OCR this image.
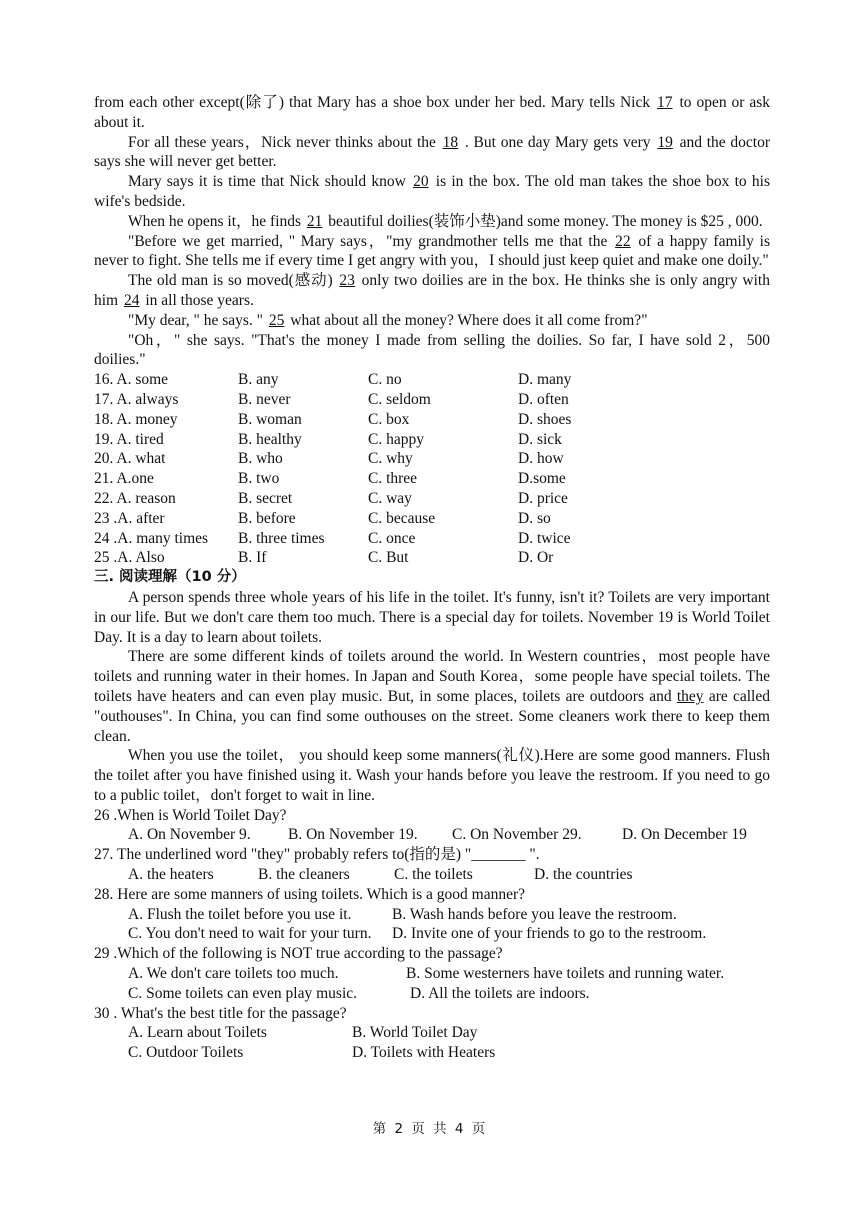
from each other except(除了) that Mary has a shoe box under her bed. Mary tells Nick 17 to open or ask about it.

For all these years，Nick never thinks about the 18 . But one day Mary gets very 19 and the doctor says she will never get better.

Mary says it is time that Nick should know 20 is in the box. The old man takes the shoe box to his wife's bedside.

When he opens it，he finds 21 beautiful doilies(装饰小垫)and some money. The money is $25 , 000.

"Before we get married, " Mary says，"my grandmother tells me that the 22 of a happy family is never to fight. She tells me if every time I get angry with you，I should just keep quiet and make one doily."

The old man is so moved(感动) 23 only two doilies are in the box. He thinks she is only angry with him 24 in all those years.

"My dear, " he says. " 25 what about all the money? Where does it all come from?"

"Oh，" she says. "That's the money I made from selling the doilies. So far, I have sold 2，500 doilies."

16. A. some	B. any	C. no	D. many
17. A. always	B. never	C. seldom	D. often
18. A. money	B. woman	C. box	D. shoes
19. A. tired	B. healthy	C. happy	D. sick
20. A. what	B. who	C. why	D. how
21. A.one	B. two	C. three	D.some
22. A. reason	B. secret	C. way	D. price
23 .A. after	B. before	C. because	D. so
24 .A. many times	B. three times	C. once	D. twice
25 .A. Also	B. If	C. But	D. Or
三. 阅读理解（10 分）

A person spends three whole years of his life in the toilet. It's funny, isn't it? Toilets are very important in our life. But we don't care them too much. There is a special day for toilets. November 19 is World Toilet Day. It is a day to learn about toilets.

There are some different kinds of toilets around the world. In Western countries，most people have toilets and running water in their homes. In Japan and South Korea，some people have special toilets. The toilets have heaters and can even play music. But, in some places, toilets are outdoors and they are called "outhouses". In China, you can find some outhouses on the street. Some cleaners work there to keep them clean.

When you use the toilet， you should keep some manners(礼仪).Here are some good manners. Flush the toilet after you have finished using it. Wash your hands before you leave the restroom. If you need to go to a public toilet，don't forget to wait in line.

26 .When is World Toilet Day?

A. On November 9. B. On November 19. C. On November 29.	D. On December 19

27. The underlined word "they" probably refers to(指的是) "_______ ".

A. the heaters	B. the cleaners	C. the toilets	D. the countries

28. Here are some manners of using toilets. Which is a good manner?

A. Flush the toilet before you use it.	B. Wash hands before you leave the restroom.

C. You don't need to wait for your turn. D. Invite one of your friends to go to the restroom.

29 .Which of the following is NOT true according to the passage?

A. We don't care toilets too much.	B. Some westerners have toilets and running water.

C. Some toilets can even play music.	D. All the toilets are indoors.

30 . What's the best title for the passage?

A. Learn about Toilets	B. World Toilet Day

C. Outdoor Toilets	D. Toilets with Heaters

第 2 页 共 4 页
